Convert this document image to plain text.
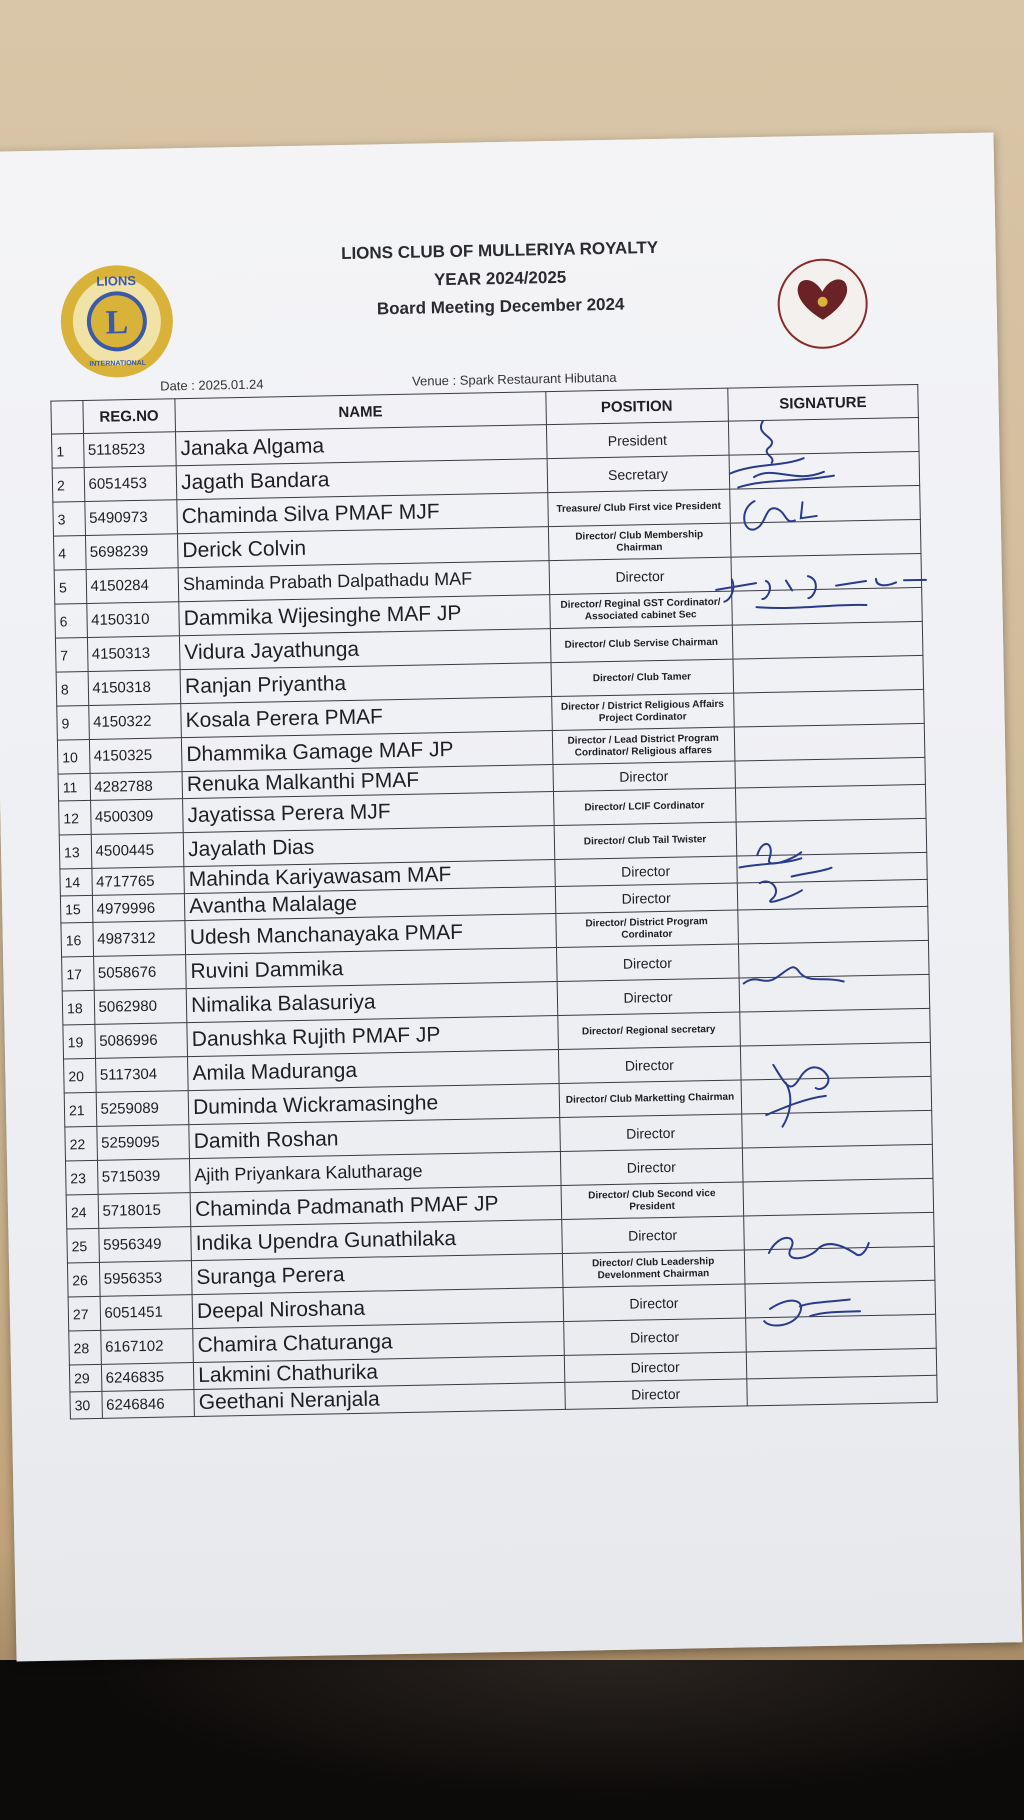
L
LIONS
INTERNATIONAL
LIONS CLUB OF MULLERIYA ROYALTY
YEAR 2024/2025
Board Meeting December 2024
Date : 2025.01.24	Venue : Spark Restaurant Hibutana
	REG.NO	NAME	POSITION	SIGNATURE
1	5118523	Janaka Algama	President	
2	6051453	Jagath Bandara	Secretary	
3	5490973	Chaminda Silva PMAF MJF	Treasure/ Club First vice President	
4	5698239	Derick Colvin	Director/ Club Membership Chairman	
5	4150284	Shaminda Prabath Dalpathadu MAF	Director	
6	4150310	Dammika Wijesinghe MAF JP	Director/ Reginal GST Cordinator/ Associated cabinet Sec	
7	4150313	Vidura Jayathunga	Director/ Club Servise Chairman	
8	4150318	Ranjan Priyantha	Director/ Club Tamer	
9	4150322	Kosala Perera PMAF	Director / District Religious Affairs Project Cordinator	
10	4150325	Dhammika Gamage MAF JP	Director / Lead District Program Cordinator/ Religious affares	
11	4282788	Renuka Malkanthi PMAF	Director	
12	4500309	Jayatissa Perera MJF	Director/ LCIF Cordinator	
13	4500445	Jayalath Dias	Director/ Club Tail Twister	
14	4717765	Mahinda Kariyawasam MAF	Director	
15	4979996	Avantha Malalage	Director	
16	4987312	Udesh Manchanayaka PMAF	Director/ District Program Cordinator	
17	5058676	Ruvini Dammika	Director	
18	5062980	Nimalika Balasuriya	Director	
19	5086996	Danushka Rujith PMAF JP	Director/ Regional secretary	
20	5117304	Amila Maduranga	Director	
21	5259089	Duminda Wickramasinghe	Director/ Club Marketting Chairman	
22	5259095	Damith Roshan	Director	
23	5715039	Ajith Priyankara Kalutharage	Director	
24	5718015	Chaminda Padmanath PMAF JP	Director/ Club Second vice President	
25	5956349	Indika Upendra Gunathilaka	Director	
26	5956353	Suranga Perera	Director/ Club Leadership Develonment Chairman	
27	6051451	Deepal Niroshana	Director	
28	6167102	Chamira Chaturanga	Director	
29	6246835	Lakmini Chathurika	Director	
30	6246846	Geethani Neranjala	Director	
